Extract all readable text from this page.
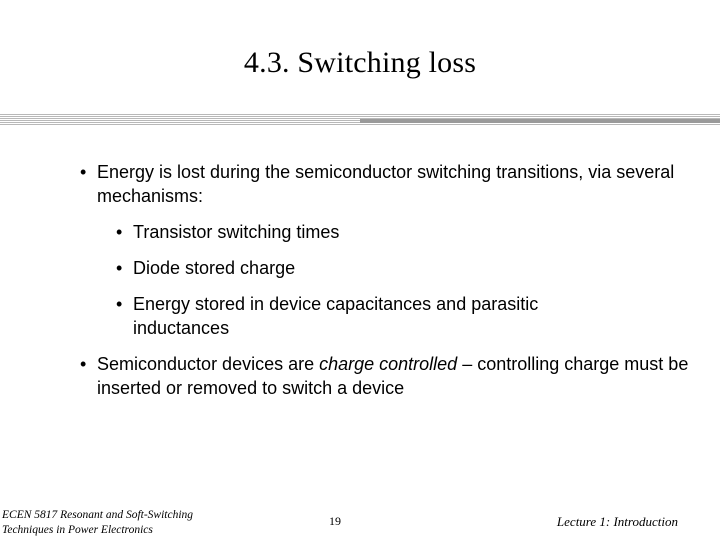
4.3. Switching loss
• Energy is lost during the semiconductor switching transitions, via several mechanisms:
• Transistor switching times
• Diode stored charge
• Energy stored in device capacitances and parasitic inductances
• Semiconductor devices are charge controlled – controlling charge must be inserted or removed to switch a device
ECEN 5817 Resonant and Soft-Switching
Techniques in Power Electronics
19	Lecture 1: Introduction
